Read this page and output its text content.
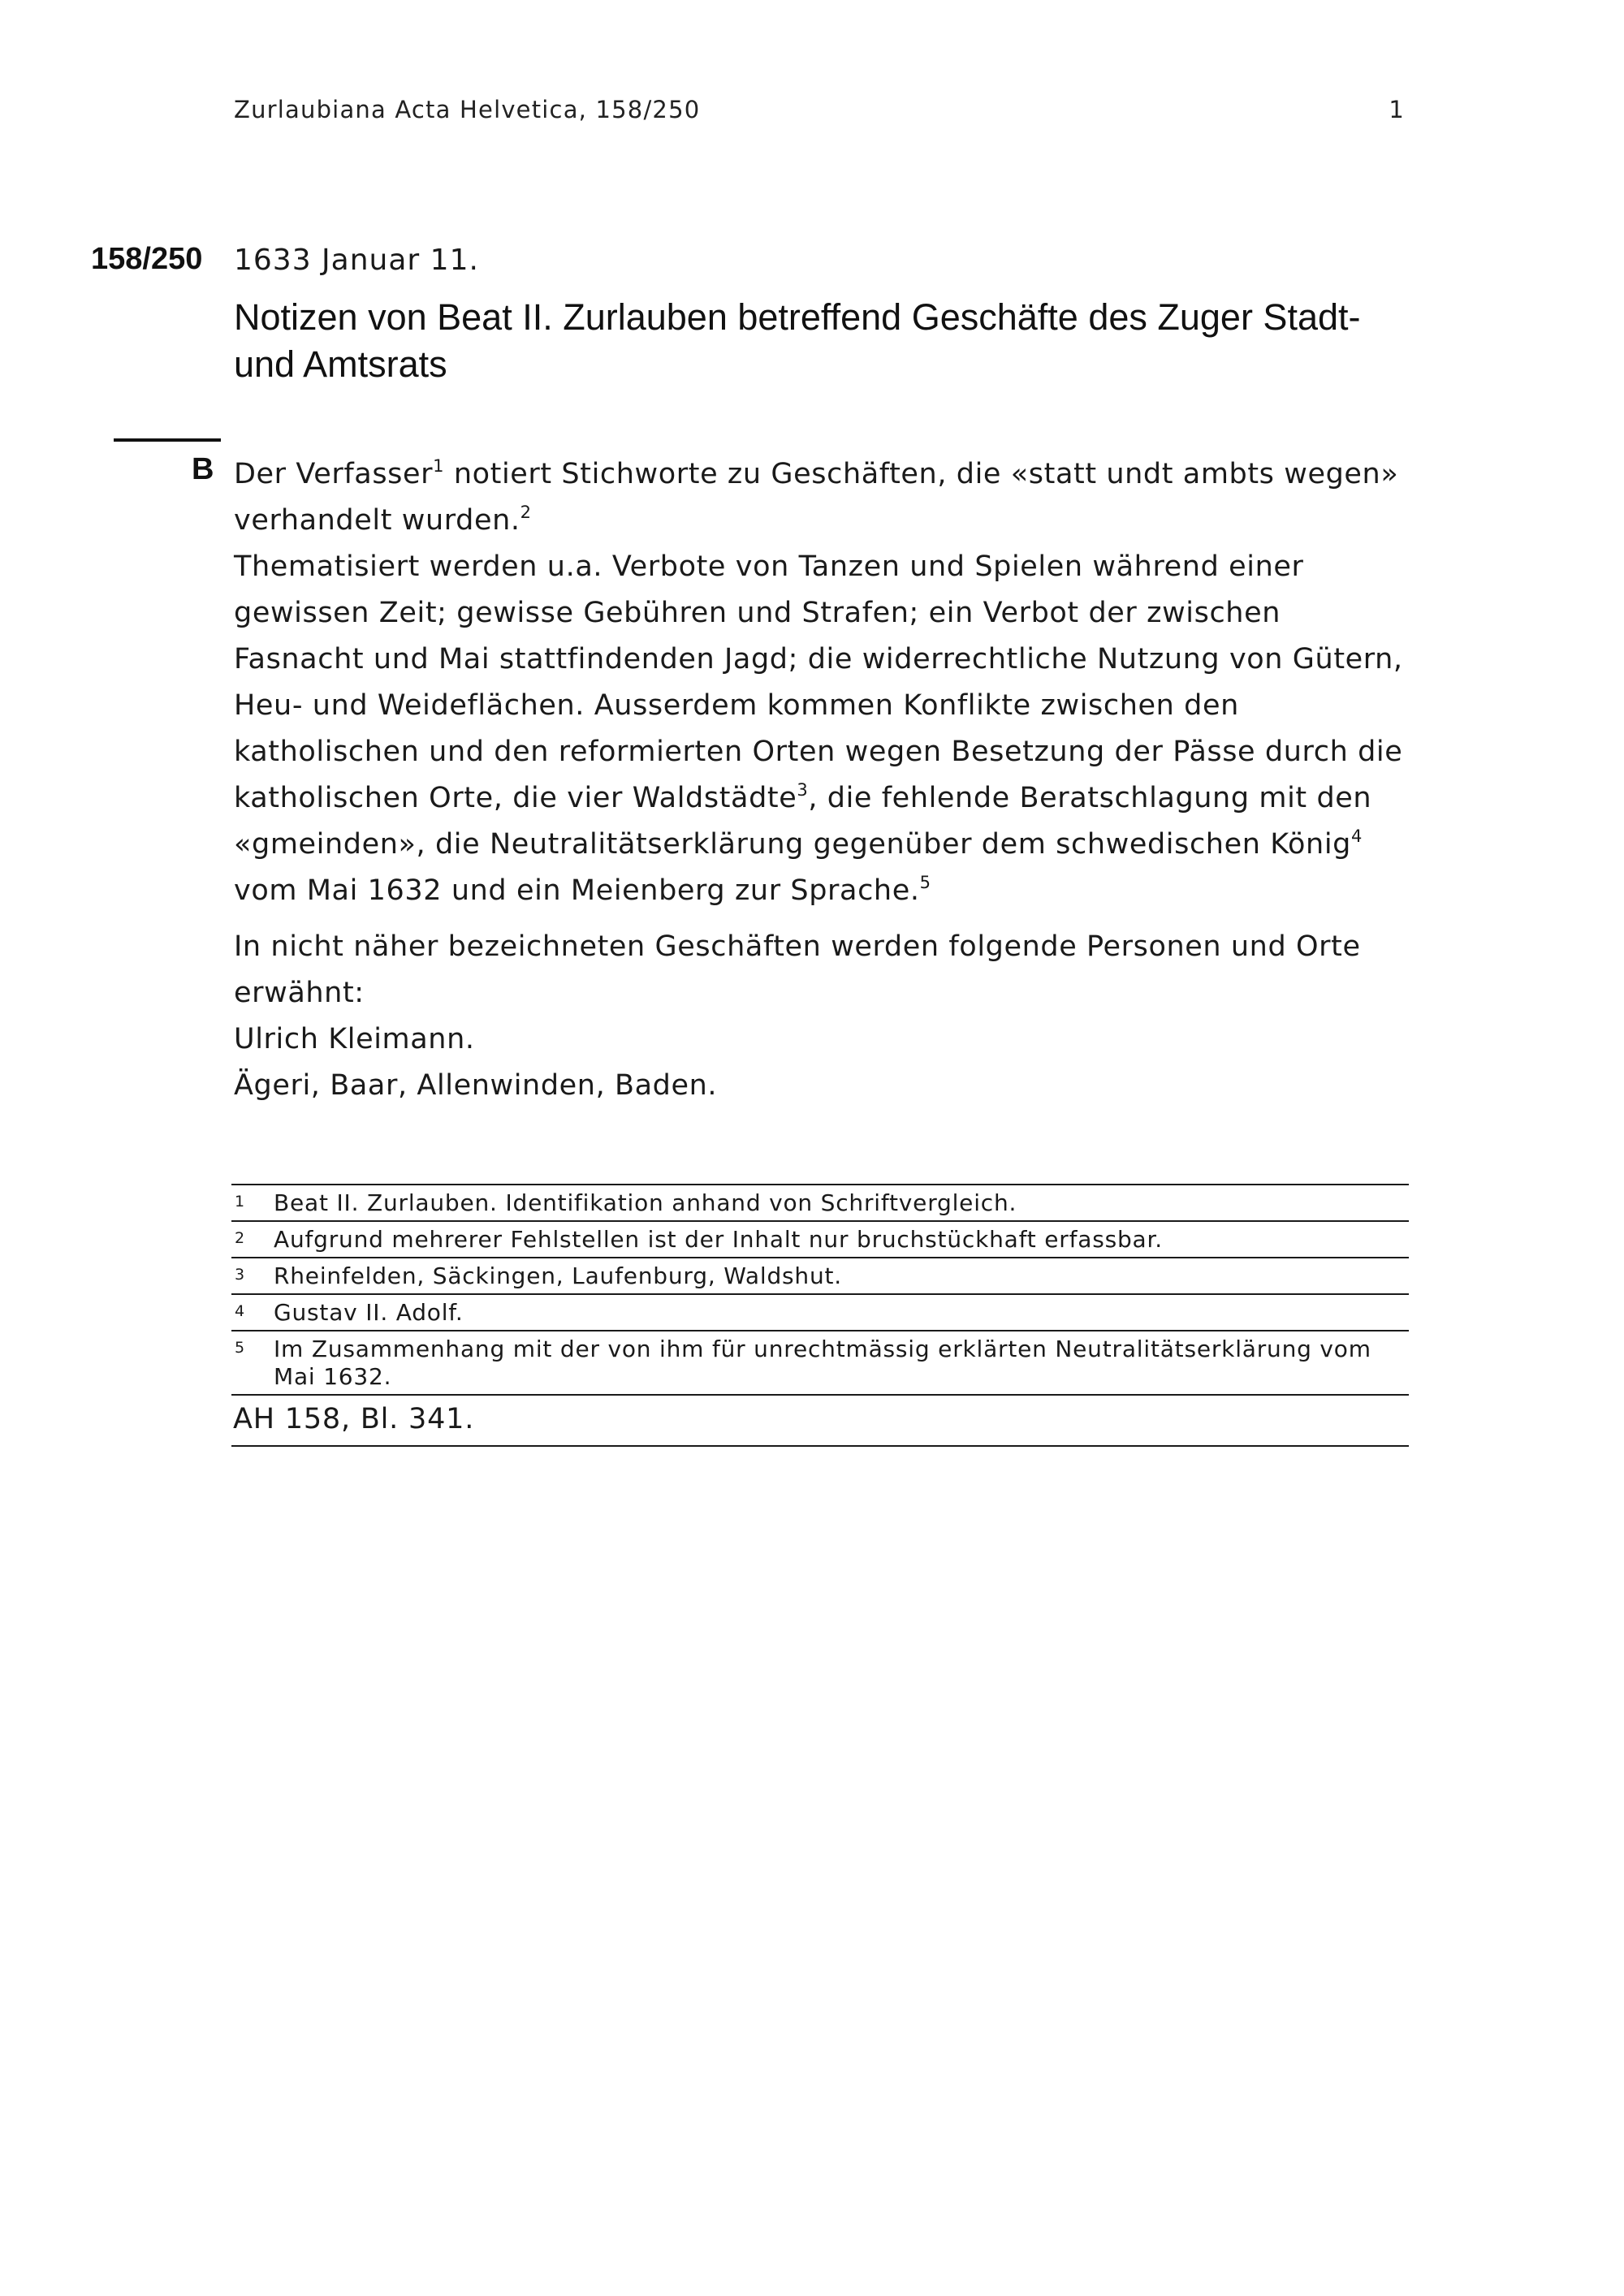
Zurlaubiana Acta Helvetica, 158/250	1
158/250 1633 Januar 11.
Notizen von Beat II. Zurlauben betreffend Geschäfte des Zuger Stadt- und Amtsrats
B Der Verfasser$^1$ notiert Stichworte zu Geschäften, die «statt undt ambts wegen» verhandelt wurden.$^2$

Thematisiert werden u.a. Verbote von Tanzen und Spielen während einer gewissen Zeit; gewisse Gebühren und Strafen; ein Verbot der zwischen Fasnacht und Mai stattfindenden Jagd; die widerrechtliche Nutzung von Gütern, Heu- und Weideflächen. Ausserdem kommen Konflikte zwischen den katholischen und den reformierten Orten wegen Besetzung der Pässe durch die katholischen Orte, die vier Waldstädte$^3$, die fehlende Beratschlagung mit den «gmeinden», die Neutralitätserklärung gegenüber dem schwedischen König$^4$ vom Mai 1632 und ein Meienberg zur Sprache.$^5$

In nicht näher bezeichneten Geschäften werden folgende Personen und Orte erwähnt:

Ulrich Kleimann.

Ägeri, Baar, Allenwinden, Baden.

1 Beat II. Zurlauben. Identifikation anhand von Schriftvergleich.
2 Aufgrund mehrerer Fehlstellen ist der Inhalt nur bruchstückhaft erfassbar.
3 Rheinfelden, Säckingen, Laufenburg, Waldshut.
4 Gustav II. Adolf.
5 Im Zusammenhang mit der von ihm für unrechtmässig erklärten Neutralitätserklärung vom Mai 1632.
AH 158, Bl. 341.
